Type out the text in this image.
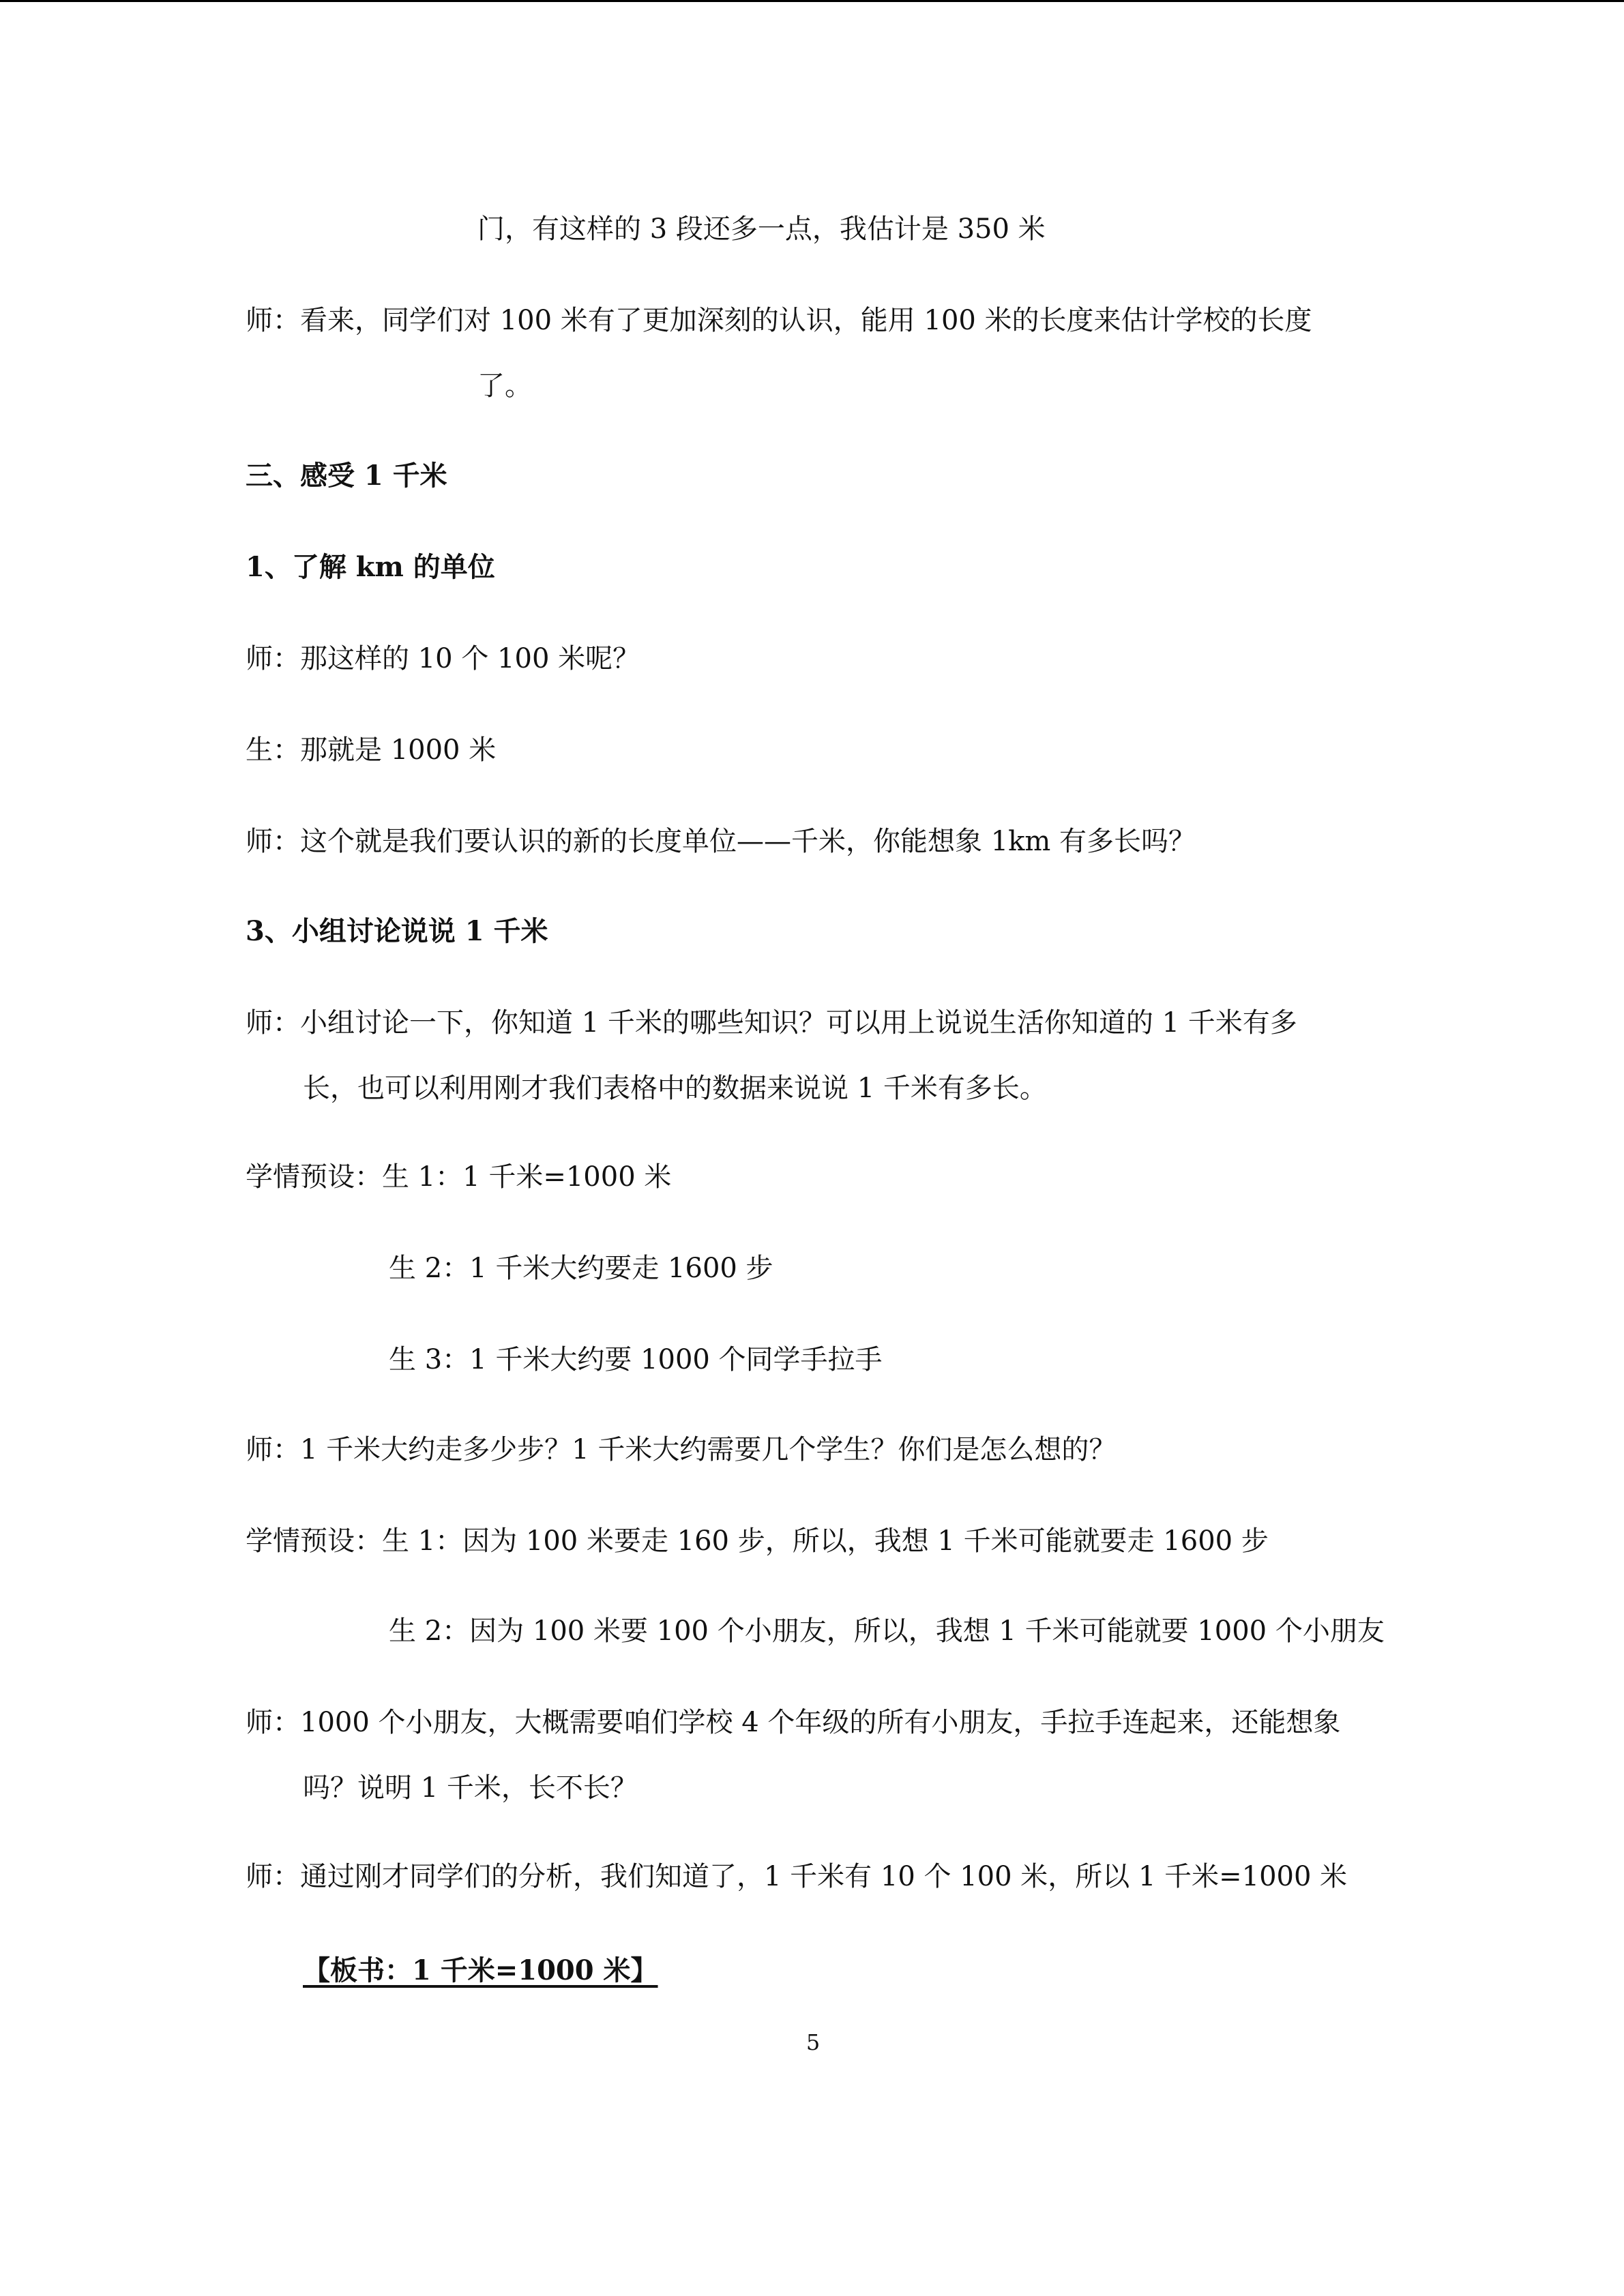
门，有这样的 3 段还多一点，我估计是 350 米

师：看来，同学们对 100 米有了更加深刻的认识，能用 100 米的长度来估计学校的长度

了。

三、感受 1 千米

1、了解 km 的单位

师：那这样的 10 个 100 米呢？

生：那就是 1000 米

师：这个就是我们要认识的新的长度单位——千米，你能想象 1km 有多长吗？

3、小组讨论说说 1 千米

师：小组讨论一下，你知道 1 千米的哪些知识？可以用上说说生活你知道的 1 千米有多

长，也可以利用刚才我们表格中的数据来说说 1 千米有多长。

学情预设：生 1：1 千米=1000 米

生 2：1 千米大约要走 1600 步

生 3：1 千米大约要 1000 个同学手拉手

师：1 千米大约走多少步？1 千米大约需要几个学生？你们是怎么想的？

学情预设：生 1：因为 100 米要走 160 步，所以，我想 1 千米可能就要走 1600 步

生 2：因为 100 米要 100 个小朋友，所以，我想 1 千米可能就要 1000 个小朋友

师：1000 个小朋友，大概需要咱们学校 4 个年级的所有小朋友，手拉手连起来，还能想象

吗？说明 1 千米，长不长？

师：通过刚才同学们的分析，我们知道了，1 千米有 10 个 100 米，所以 1 千米=1000 米

【板书：1 千米=1000 米】

5
